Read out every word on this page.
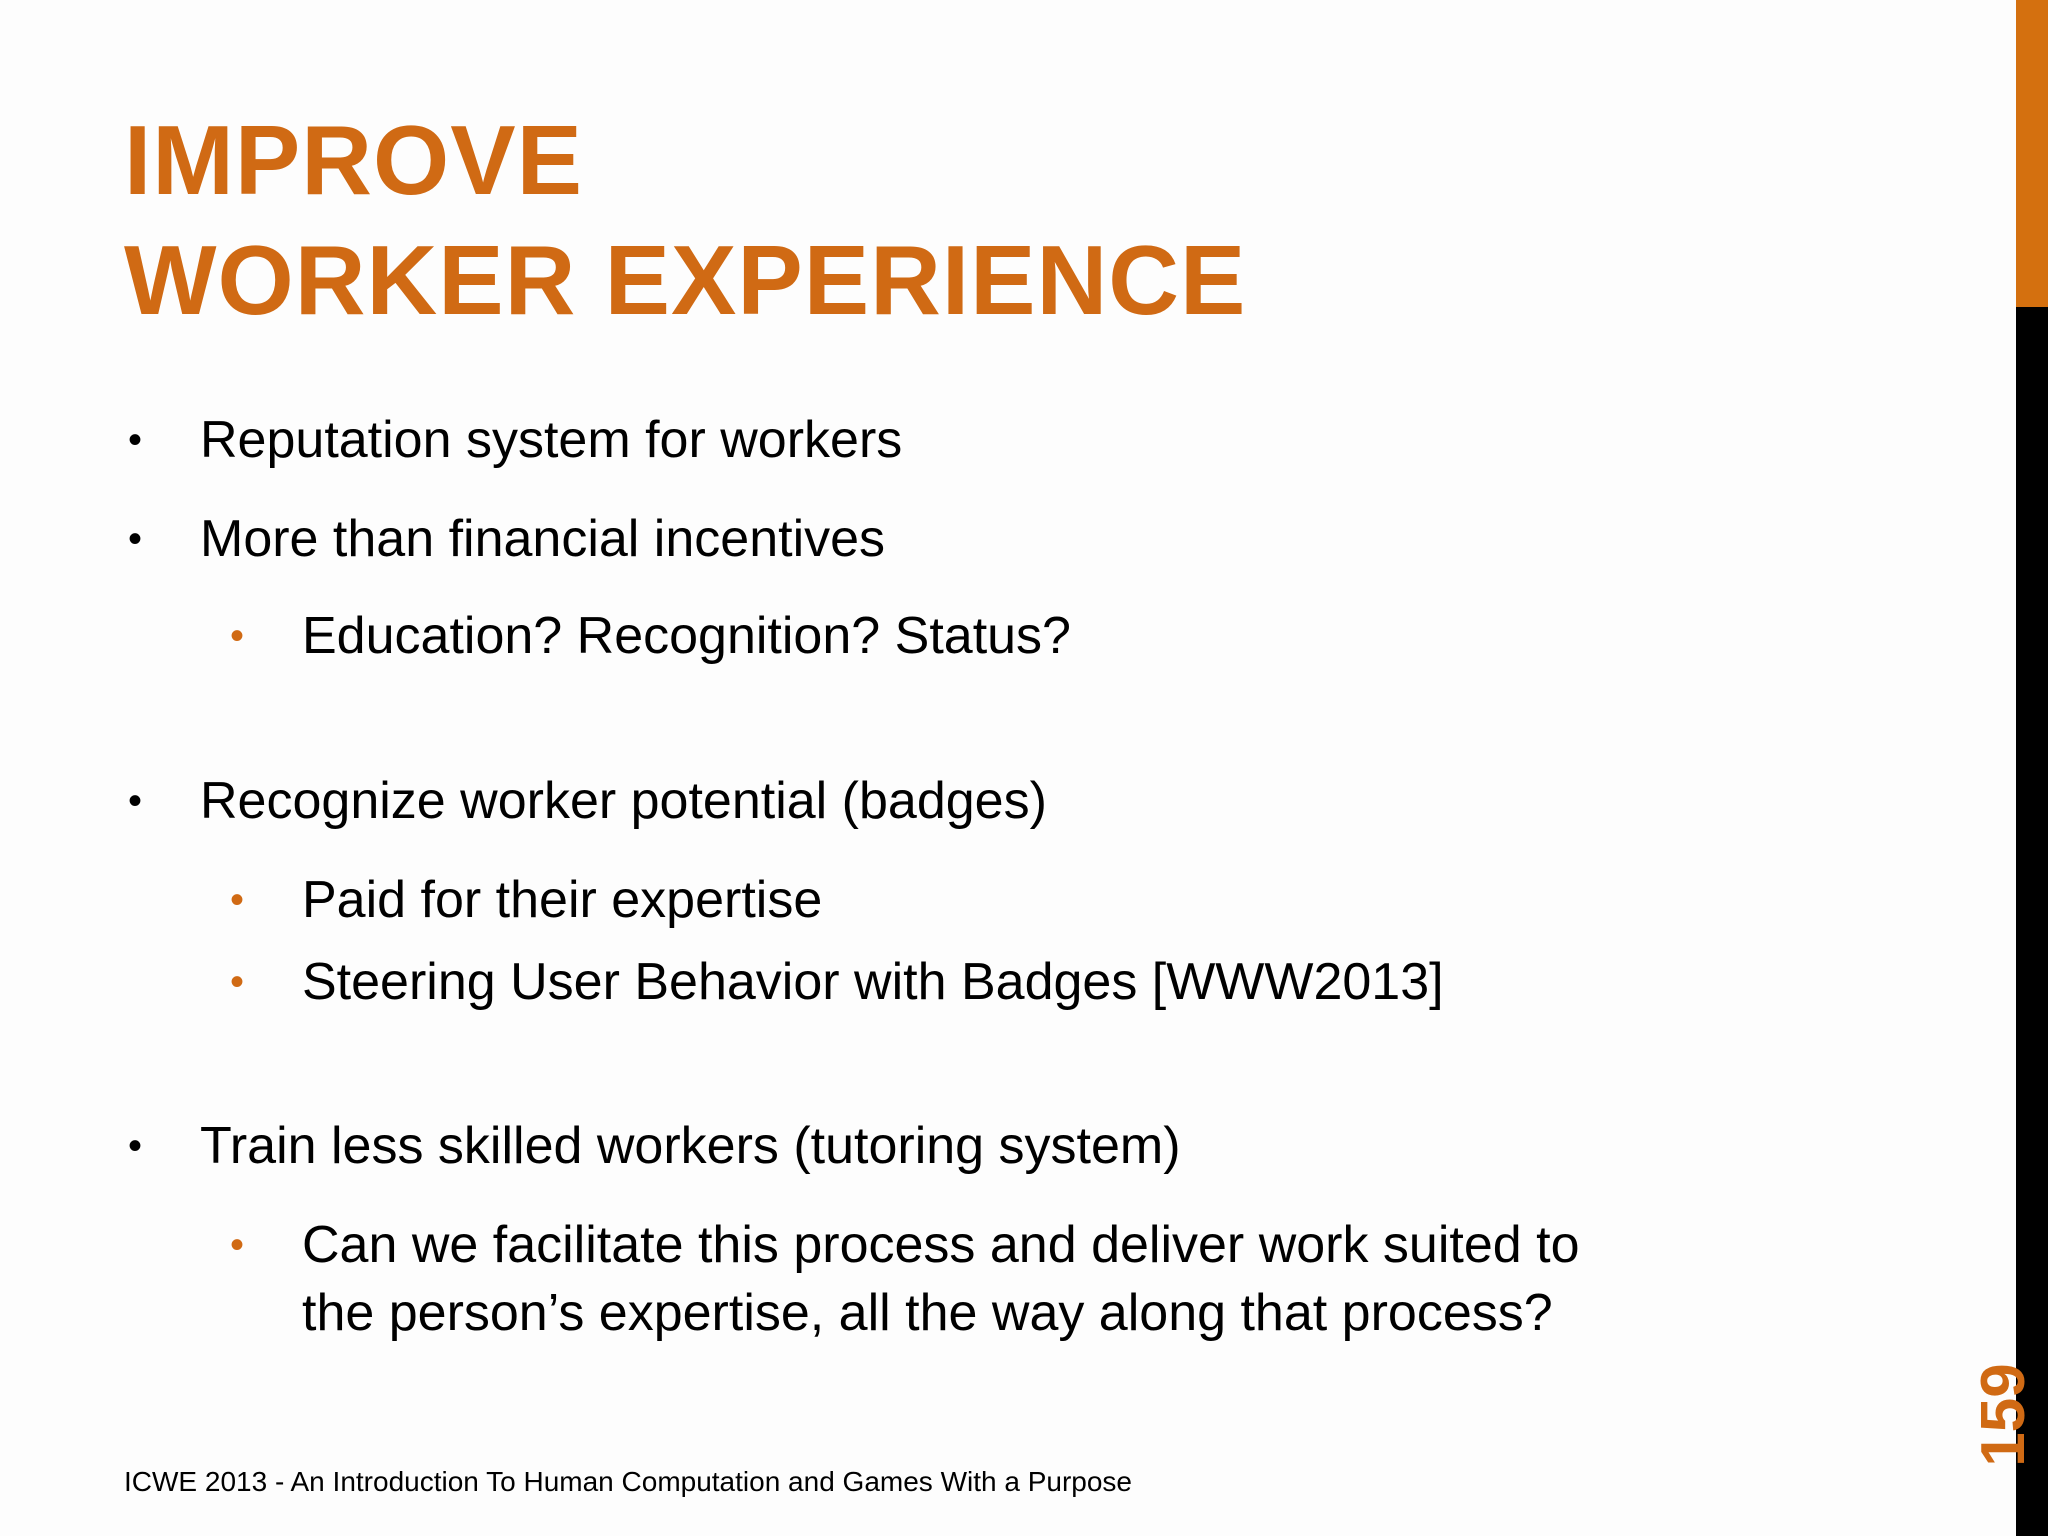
IMPROVE
WORKER EXPERIENCE
• Reputation system for workers
• More than financial incentives
• Education? Recognition? Status?
• Recognize worker potential (badges)
• Paid for their expertise
• Steering User Behavior with Badges [WWW2013]
• Train less skilled workers (tutoring system)
• Can we facilitate this process and deliver work suited to
the person’s expertise, all the way along that process?
ICWE 2013 - An Introduction To Human Computation and Games With a Purpose
159
